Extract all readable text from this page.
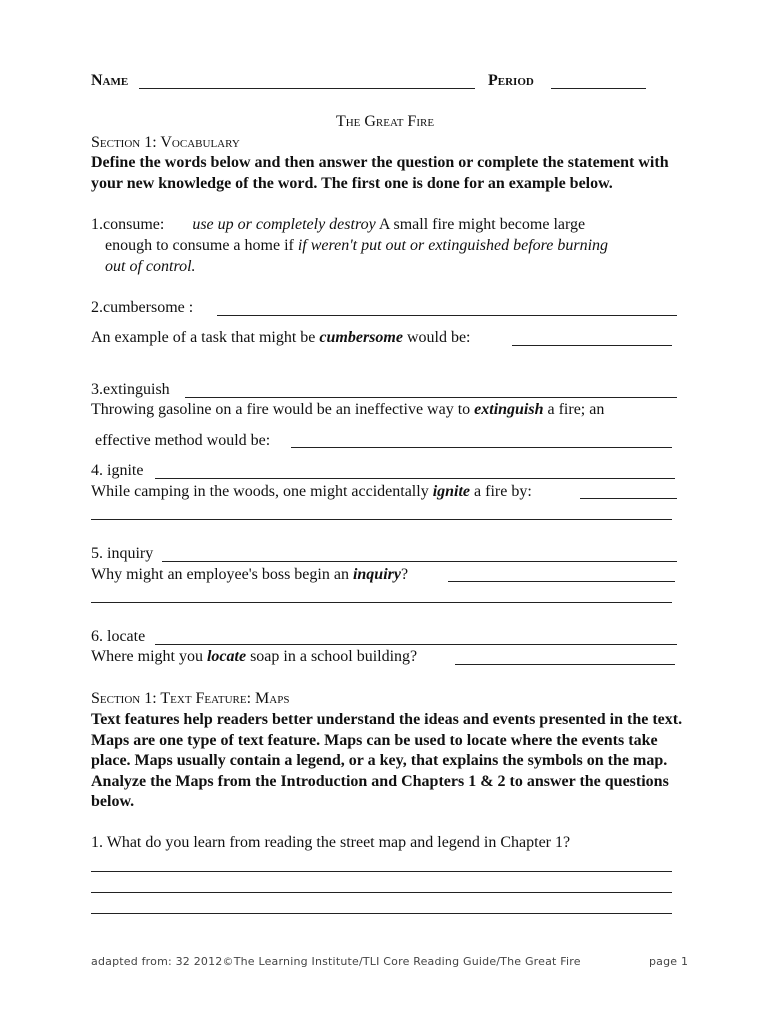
Name	Period
The Great Fire
Section 1: Vocabulary
Define the words below and then answer the question or complete the statement with your new knowledge of the word. The first one is done for an example below.
1.consume: use up or completely destroy A small fire might become large
enough to consume a home if if weren't put out or extinguished before burning
out of control.
2.cumbersome :
An example of a task that might be cumbersome would be:
3.extinguish
Throwing gasoline on a fire would be an ineffective way to extinguish a fire; an
effective method would be:
4. ignite
While camping in the woods, one might accidentally ignite a fire by:
5. inquiry
Why might an employee's boss begin an inquiry?
6. locate
Where might you locate soap in a school building?
Section 1: Text Feature: Maps
Text features help readers better understand the ideas and events presented in the text. Maps are one type of text feature. Maps can be used to locate where the events take place. Maps usually contain a legend, or a key, that explains the symbols on the map. Analyze the Maps from the Introduction and Chapters 1 & 2 to answer the questions below.
1. What do you learn from reading the street map and legend in Chapter 1?
adapted from: 32 2012©The Learning Institute/TLI Core Reading Guide/The Great Fire	page 1
